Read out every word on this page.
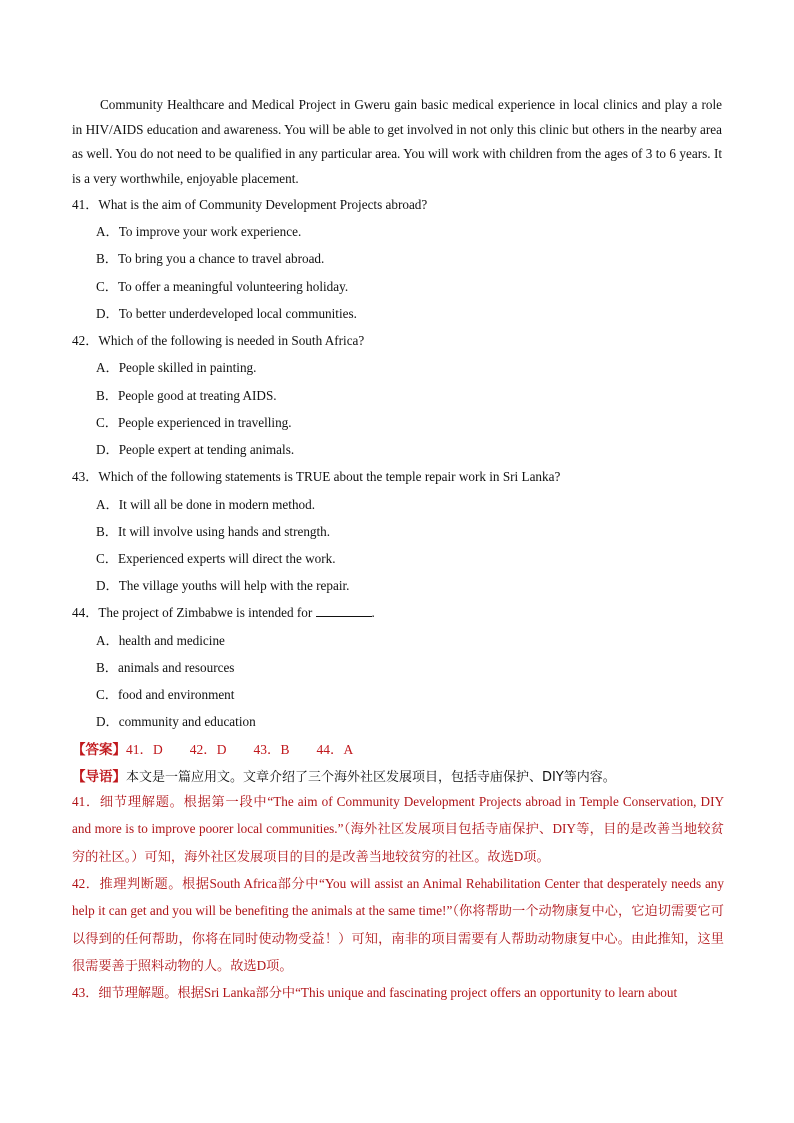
Community Healthcare and Medical Project in Gweru gain basic medical experience in local clinics and play a role in HIV/AIDS education and awareness. You will be able to get involved in not only this clinic but others in the nearby area as well. You do not need to be qualified in any particular area. You will work with children from the ages of 3 to 6 years. It is a very worthwhile, enjoyable placement.

41．What is the aim of Community Development Projects abroad?

A．To improve your work experience.

B．To bring you a chance to travel abroad.

C．To offer a meaningful volunteering holiday.

D．To better underdeveloped local communities.

42．Which of the following is needed in South Africa?

A．People skilled in painting.

B．People good at treating AIDS.

C．People experienced in travelling.

D．People expert at tending animals.

43．Which of the following statements is TRUE about the temple repair work in Sri Lanka?

A．It will all be done in modern method.

B．It will involve using hands and strength.

C．Experienced experts will direct the work.

D．The village youths will help with the repair.

44．The project of Zimbabwe is intended for	.

A．health and medicine

B．animals and resources

C．food and environment

D．community and education

【答案】41．D　　42．D　　43．B　　44．A

【导语】本文是一篇应用文。文章介绍了三个海外社区发展项目，包括寺庙保护、DIY等内容。

41．细节理解题。根据第一段中“The aim of Community Development Projects abroad in Temple Conservation, DIY and more is to improve poorer local communities.”（海外社区发展项目包括寺庙保护、DIY等，目的是改善当地较贫穷的社区。）可知，海外社区发展项目的目的是改善当地较贫穷的社区。故选D项。

42．推理判断题。根据South Africa部分中“You will assist an Animal Rehabilitation Center that desperately needs any help it can get and you will be benefiting the animals at the same time!”（你将帮助一个动物康复中心，它迫切需要它可以得到的任何帮助，你将在同时使动物受益！）可知，南非的项目需要有人帮助动物康复中心。由此推知，这里很需要善于照料动物的人。故选D项。

43．细节理解题。根据Sri Lanka部分中“This unique and fascinating project offers an opportunity to learn about
